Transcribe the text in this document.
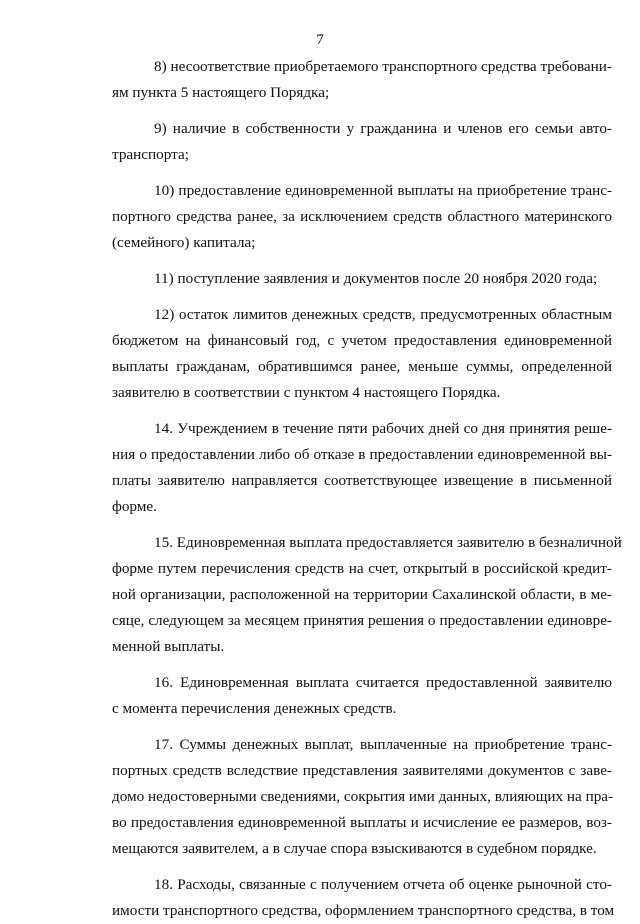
7

8) несоответствие приобретаемого транспортного средства требовани-
ям пункта 5 настоящего Порядка;

9) наличие в собственности у гражданина и членов его семьи авто-
транспорта;

10) предоставление единовременной выплаты на приобретение транс-
портного средства ранее, за исключением средств областного материнского
(семейного) капитала;

11) поступление заявления и документов после 20 ноября 2020 года;

12) остаток лимитов денежных средств, предусмотренных областным
бюджетом на финансовый год, с учетом предоставления единовременной
выплаты гражданам, обратившимся ранее, меньше суммы, определенной
заявителю в соответствии с пунктом 4 настоящего Порядка.

14. Учреждением в течение пяти рабочих дней со дня принятия реше-
ния о предоставлении либо об отказе в предоставлении единовременной вы-
платы заявителю направляется соответствующее извещение в письменной
форме.

15. Единовременная выплата предоставляется заявителю в безналичной
форме путем перечисления средств на счет, открытый в российской кредит-
ной организации, расположенной на территории Сахалинской области, в ме-
сяце, следующем за месяцем принятия решения о предоставлении единовре-
менной выплаты.

16. Единовременная выплата считается предоставленной заявителю
с момента перечисления денежных средств.

17. Суммы денежных выплат, выплаченные на приобретение транс-
портных средств вследствие представления заявителями документов с заве-
домо недостоверными сведениями, сокрытия ими данных, влияющих на пра-
во предоставления единовременной выплаты и исчисление ее размеров, воз-
мещаются заявителем, а в случае спора взыскиваются в судебном порядке.

18. Расходы, связанные с получением отчета об оценке рыночной сто-
имости транспортного средства, оформлением транспортного средства, в том
